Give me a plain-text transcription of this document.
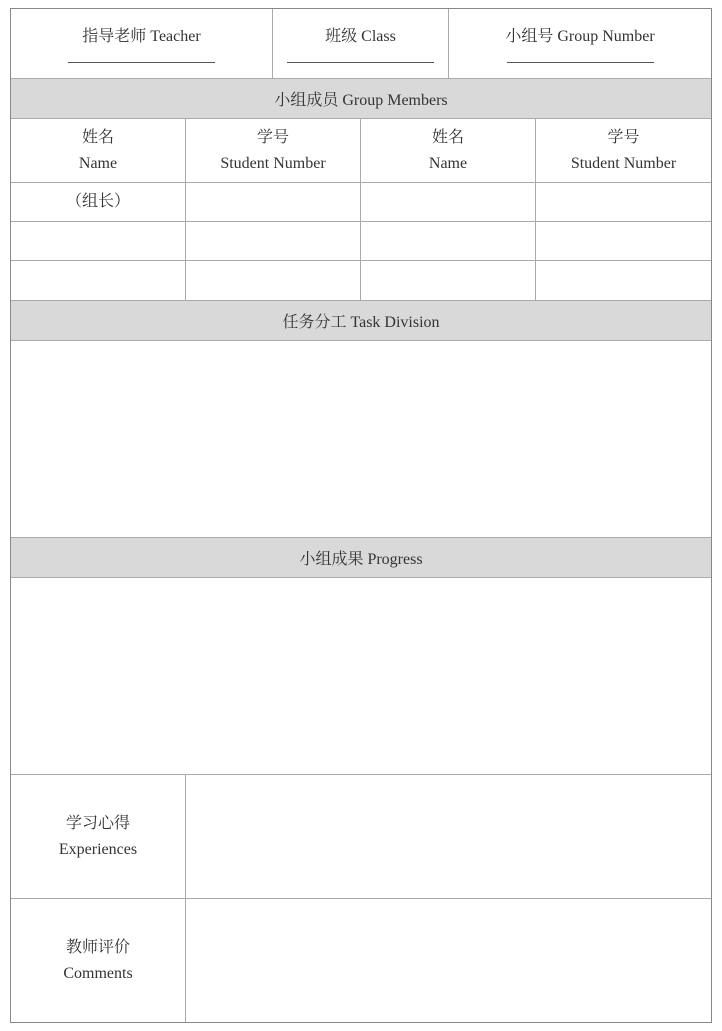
指导老师 Teacher	班级 Class	小组号 Group Number
小组成员 Group Members
姓名
Name
学号
Student Number
姓名
Name
学号
Student Number
（组长）
任务分工 Task Division
小组成果 Progress
学习心得
Experiences
教师评价
Comments
